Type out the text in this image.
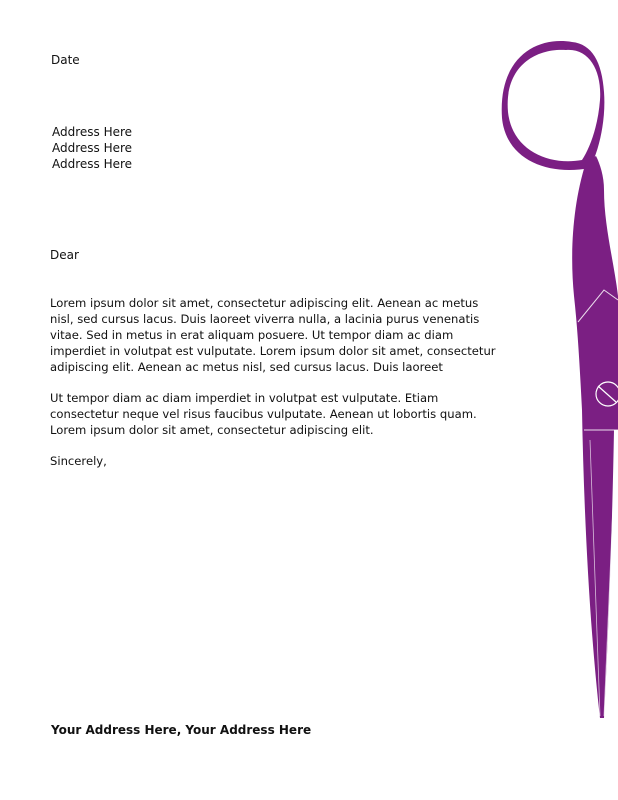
Date

Address Here
Address Here
Address Here

Dear

Lorem ipsum dolor sit amet, consectetur adipiscing elit. Aenean ac metus nisl, sed cursus lacus. Duis laoreet viverra nulla, a lacinia purus venenatis vitae. Sed in metus in erat aliquam posuere. Ut tempor diam ac diam imperdiet in volutpat est vulputate. Lorem ipsum dolor sit amet, consectetur adipiscing elit. Aenean ac metus nisl, sed cursus lacus. Duis laoreet

Ut tempor diam ac diam imperdiet in volutpat est vulputate. Etiam consectetur neque vel risus faucibus vulputate. Aenean ut lobortis quam. Lorem ipsum dolor sit amet, consectetur adipiscing elit.

Sincerely,

Your Address Here, Your Address Here
